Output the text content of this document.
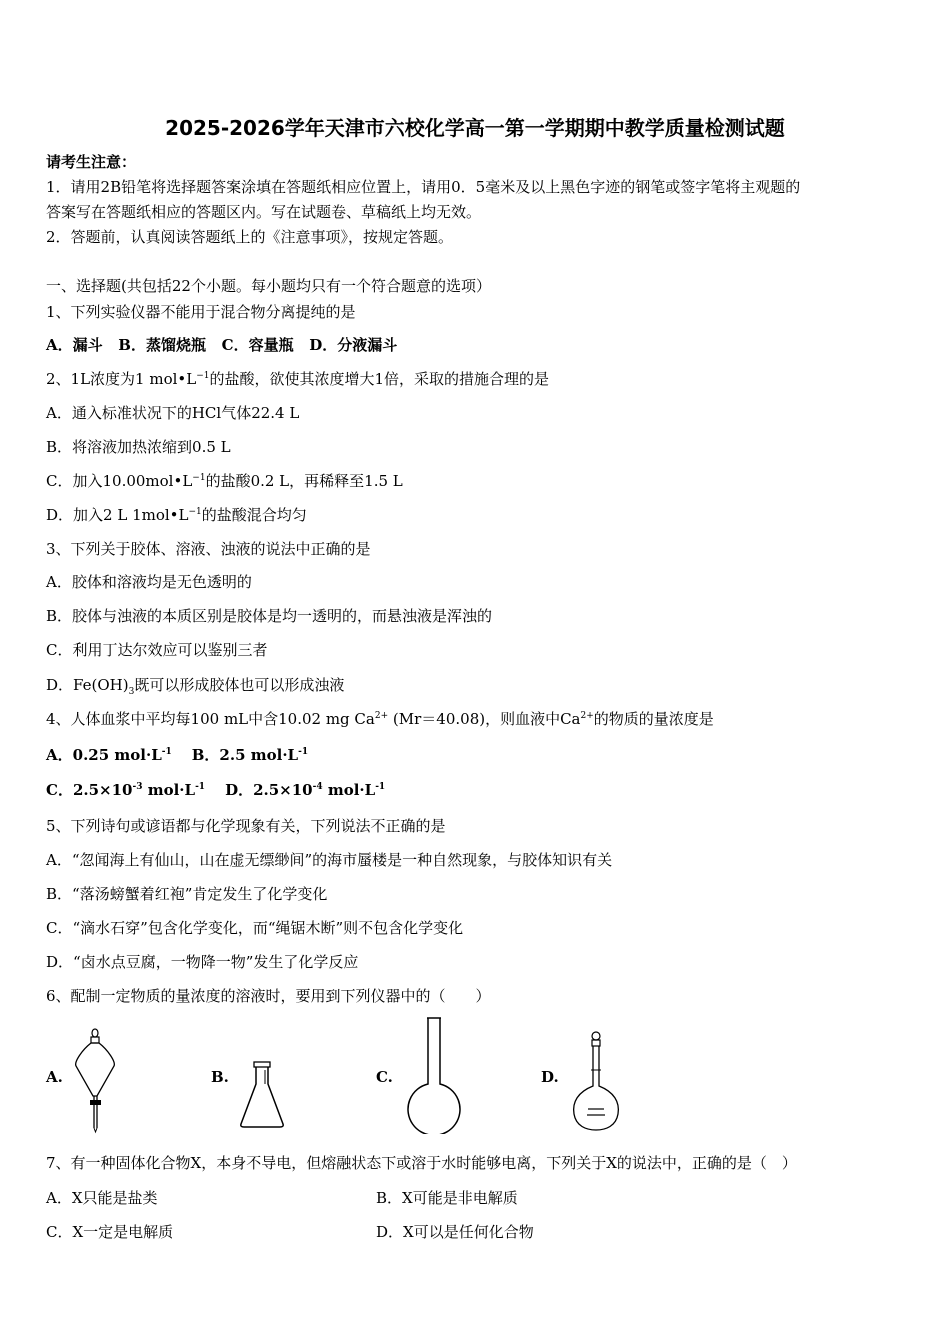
2025-2026学年天津市六校化学高一第一学期期中教学质量检测试题
请考生注意：
1．请用2B铅笔将选择题答案涂填在答题纸相应位置上，请用0．5毫米及以上黑色字迹的钢笔或签字笔将主观题的
答案写在答题纸相应的答题区内。写在试题卷、草稿纸上均无效。
2．答题前，认真阅读答题纸上的《注意事项》，按规定答题。
一、选择题(共包括22个小题。每小题均只有一个符合题意的选项）
1、下列实验仪器不能用于混合物分离提纯的是
A．漏斗   B．蒸馏烧瓶   C．容量瓶   D．分液漏斗
2、1L浓度为1 $mol•L^{-1}$的盐酸，欲使其浓度增大1倍，采取的措施合理的是
A．通入标准状况下的HCl气体22.4 L
B．将溶液加热浓缩到0.5 L
C．加入$10.00mol•L^{-1}$的盐酸0.2 L，再稀释至1.5 L
D．加入2 L $1mol•L^{-1}$的盐酸混合均匀
3、下列关于胶体、溶液、浊液的说法中正确的是
A．胶体和溶液均是无色透明的
B．胶体与浊液的本质区别是胶体是均一透明的，而悬浊液是浑浊的
C．利用丁达尔效应可以鉴别三者
D．$Fe(OH)_3$既可以形成胶体也可以形成浊液
4、人体血浆中平均每100 mL中含10.02 mg $Ca^{2+}$ (Mr＝40.08)，则血液中$Ca^{2+}$的物质的量浓度是
A．0.25 $mol\cdot L^{-1}$ B．2.5 $mol\cdot L^{-1}$
C．$2.5\times 10^{-3}$ $mol\cdot L^{-1}$ D．$2.5\times 10^{-4}$ $mol\cdot L^{-1}$
5、下列诗句或谚语都与化学现象有关，下列说法不正确的是
A．“忽闻海上有仙山，山在虚无缥缈间”的海市蜃楼是一种自然现象，与胶体知识有关
B．“落汤螃蟹着红袍”肯定发生了化学变化
C．“滴水石穿”包含化学变化，而“绳锯木断”则不包含化学变化
D．“卤水点豆腐，一物降一物”发生了化学反应
6、配制一定物质的量浓度的溶液时，要用到下列仪器中的（　　）
A.	B.	C.	D.
7、有一种固体化合物X，本身不导电，但熔融状态下或溶于水时能够电离，下列关于X的说法中，正确的是（　）
A．X只能是盐类	B．X可能是非电解质
C．X一定是电解质	D．X可以是任何化合物
